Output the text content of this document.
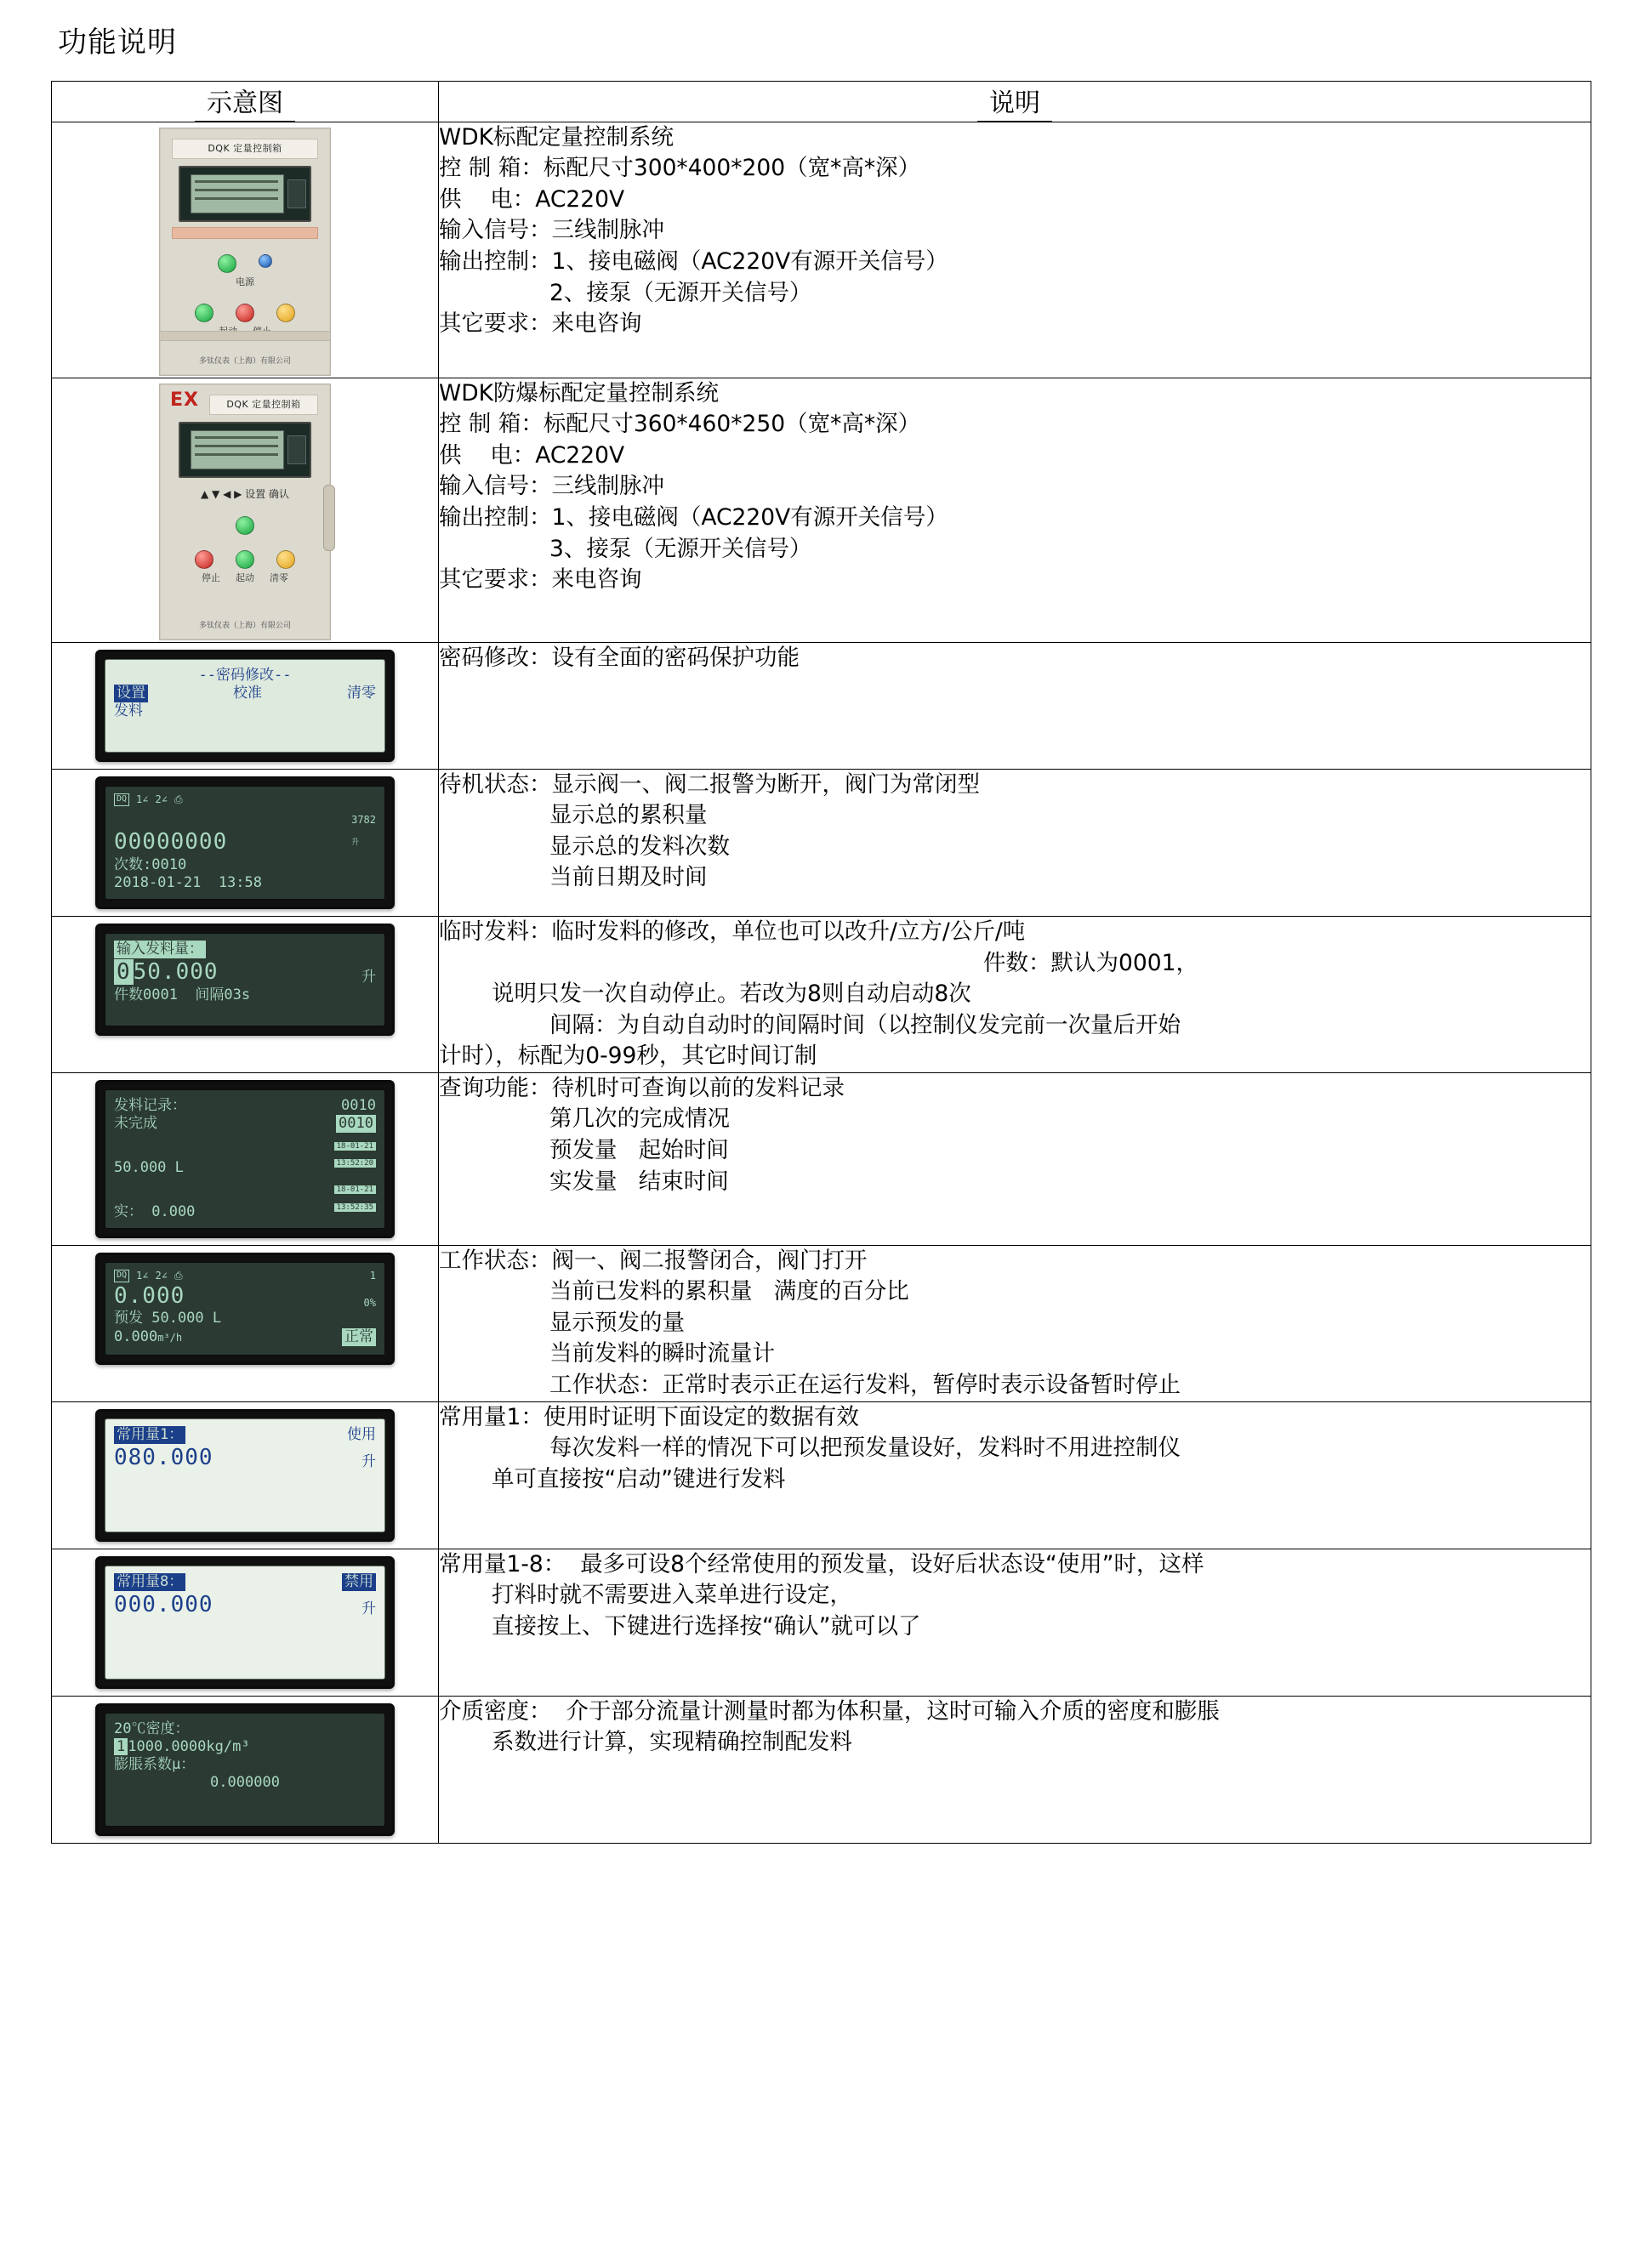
功能说明
示意图	说明

DQK 定量控制箱
电源
多钛仪表（上海）有限公司

WDK标配定量控制系统
控 制 箱：标配尺寸300*400*200（宽*高*深）
供    电：AC220V
输入信号：三线制脉冲
输出控制：1、接电磁阀（AC220V有源开关信号）
2、接泵（无源开关信号）
其它要求：来电咨询

EX	DQK 定量控制箱
▲ ▼ ◀ ▶ 设置 确认
停止 起动 清零
多钛仪表（上海）有限公司

WDK防爆标配定量控制系统
控 制 箱：标配尺寸360*460*250（宽*高*深）
供    电：AC220V
输入信号：三线制脉冲
输出控制：1、接电磁阀（AC220V有源开关信号）
3、接泵（无源开关信号）
其它要求：来电咨询

--密码修改--
设置 校准 清零
发料	密码修改：设有全面的密码保护功能

DQ 1∠ 2∠ ⎙
00000000

3782

升

次数:0010
2018-01-21  13:58

待机状态：显示阀一、阀二报警为断开，阀门为常闭型
显示总的累积量
显示总的发料次数
当前日期及时间

输入发料量：
0 50.000	升
件数0001  间隔03s

临时发料：临时发料的修改，单位也可以改升/立方/公斤/吨
件数：默认为0001，
说明只发一次自动停止。若改为8则自动启动8次
间隔：为自动自动时的间隔时间（以控制仪发完前一次量后开始
计时），标配为0-99秒，其它时间订制

发料记录：	0010
未完成	0010
50.000 L

18-01-21

13:52:20

实： 0.000

18-01-21

13:52:35

查询功能：待机时可查询以前的发料记录
第几次的完成情况
预发量   起始时间
实发量   结束时间

DQ 1∠ 2∠ ⎙	1
0.000	0%
预发 50.000 L
0.000m³/h	正常

工作状态：阀一、阀二报警闭合，阀门打开
当前已发料的累积量   满度的百分比
显示预发的量
当前发料的瞬时流量计
工作状态：正常时表示正在运行发料，暂停时表示设备暂时停止

常用量1：	使用
080.000	升

常用量1：使用时证明下面设定的数据有效
每次发料一样的情况下可以把预发量设好，发料时不用进控制仪
单可直接按“启动”键进行发料

常用量8：	禁用
000.000	升

常用量1-8：  最多可设8个经常使用的预发量，设好后状态设“使用”时，这样
打料时就不需要进入菜单进行设定，
直接按上、下键进行选择按“确认”就可以了

20℃密度：
1 1000.0000kg/m³
膨脹系数μ：
0.000000

介质密度：  介于部分流量计测量时都为体积量，这时可输入介质的密度和膨脹
系数进行计算，实现精确控制配发料
